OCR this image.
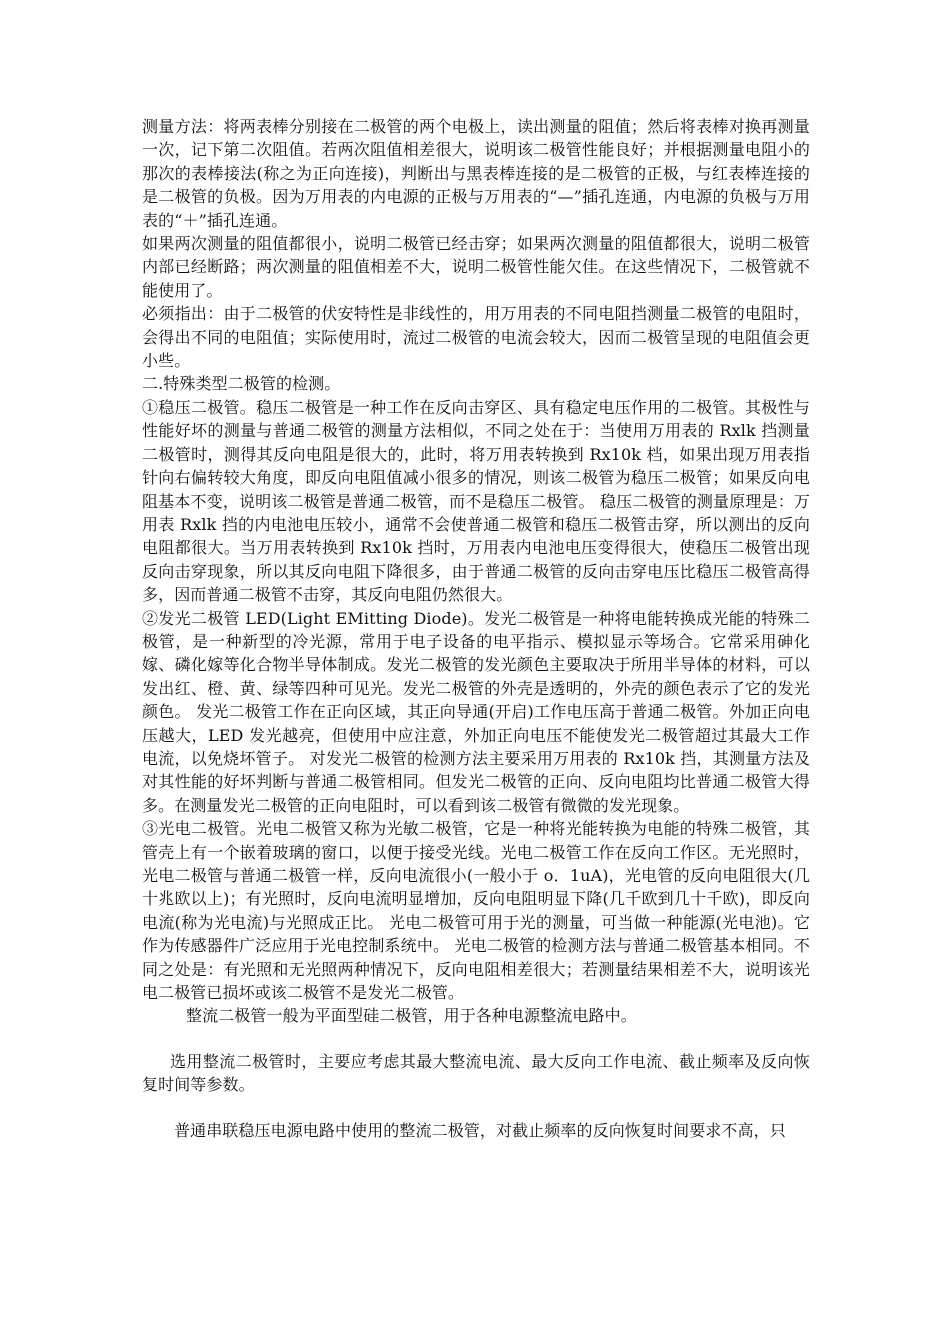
测量方法：将两表棒分别接在二极管的两个电极上，读出测量的阻值；然后将表棒对换再测量一次，记下第二次阻值。若两次阻值相差很大，说明该二极管性能良好；并根据测量电阻小的那次的表棒接法(称之为正向连接)，判断出与黑表棒连接的是二极管的正极，与红表棒连接的是二极管的负极。因为万用表的内电源的正极与万用表的“—”插孔连通，内电源的负极与万用表的“＋”插孔连通。

如果两次测量的阻值都很小，说明二极管已经击穿；如果两次测量的阻值都很大，说明二极管内部已经断路；两次测量的阻值相差不大，说明二极管性能欠佳。在这些情况下，二极管就不能使用了。

必须指出：由于二极管的伏安特性是非线性的，用万用表的不同电阻挡测量二极管的电阻时，会得出不同的电阻值；实际使用时，流过二极管的电流会较大，因而二极管呈现的电阻值会更小些。

二.特殊类型二极管的检测。

①稳压二极管。稳压二极管是一种工作在反向击穿区、具有稳定电压作用的二极管。其极性与性能好坏的测量与普通二极管的测量方法相似，不同之处在于：当使用万用表的 Rxlk 挡测量二极管时，测得其反向电阻是很大的，此时，将万用表转换到 Rx10k 档，如果出现万用表指针向右偏转较大角度，即反向电阻值减小很多的情况，则该二极管为稳压二极管；如果反向电阻基本不变，说明该二极管是普通二极管，而不是稳压二极管。 稳压二极管的测量原理是：万用表 Rxlk 挡的内电池电压较小，通常不会使普通二极管和稳压二极管击穿，所以测出的反向电阻都很大。当万用表转换到 Rx10k 挡时，万用表内电池电压变得很大，使稳压二极管出现反向击穿现象，所以其反向电阻下降很多，由于普通二极管的反向击穿电压比稳压二极管高得多，因而普通二极管不击穿，其反向电阻仍然很大。

②发光二极管 LED(Light EMitting Diode)。发光二极管是一种将电能转换成光能的特殊二极管，是一种新型的冷光源，常用于电子设备的电平指示、模拟显示等场合。它常采用砷化嫁、磷化嫁等化合物半导体制成。发光二极管的发光颜色主要取决于所用半导体的材料，可以发出红、橙、黄、绿等四种可见光。发光二极管的外壳是透明的，外壳的颜色表示了它的发光颜色。 发光二极管工作在正向区域，其正向导通(开启)工作电压高于普通二极管。外加正向电压越大，LED 发光越亮，但使用中应注意，外加正向电压不能使发光二极管超过其最大工作电流，以免烧坏管子。 对发光二极管的检测方法主要采用万用表的 Rx10k 挡，其测量方法及对其性能的好坏判断与普通二极管相同。但发光二极管的正向、反向电阻均比普通二极管大得多。在测量发光二极管的正向电阻时，可以看到该二极管有微微的发光现象。

③光电二极管。光电二极管又称为光敏二极管，它是一种将光能转换为电能的特殊二极管，其管壳上有一个嵌着玻璃的窗口，以便于接受光线。光电二极管工作在反向工作区。无光照时，光电二极管与普通二极管一样，反向电流很小(一般小于 o．1uA)，光电管的反向电阻很大(几十兆欧以上)；有光照时，反向电流明显增加，反向电阻明显下降(几千欧到几十千欧)，即反向电流(称为光电流)与光照成正比。 光电二极管可用于光的测量，可当做一种能源(光电池)。它作为传感器件广泛应用于光电控制系统中。 光电二极管的检测方法与普通二极管基本相同。不同之处是：有光照和无光照两种情况下，反向电阻相差很大；若测量结果相差不大，说明该光电二极管已损坏或该二极管不是发光二极管。

整流二极管一般为平面型硅二极管，用于各种电源整流电路中。

选用整流二极管时，主要应考虑其最大整流电流、最大反向工作电流、截止频率及反向恢复时间等参数。

普通串联稳压电源电路中使用的整流二极管，对截止频率的反向恢复时间要求不高，只
